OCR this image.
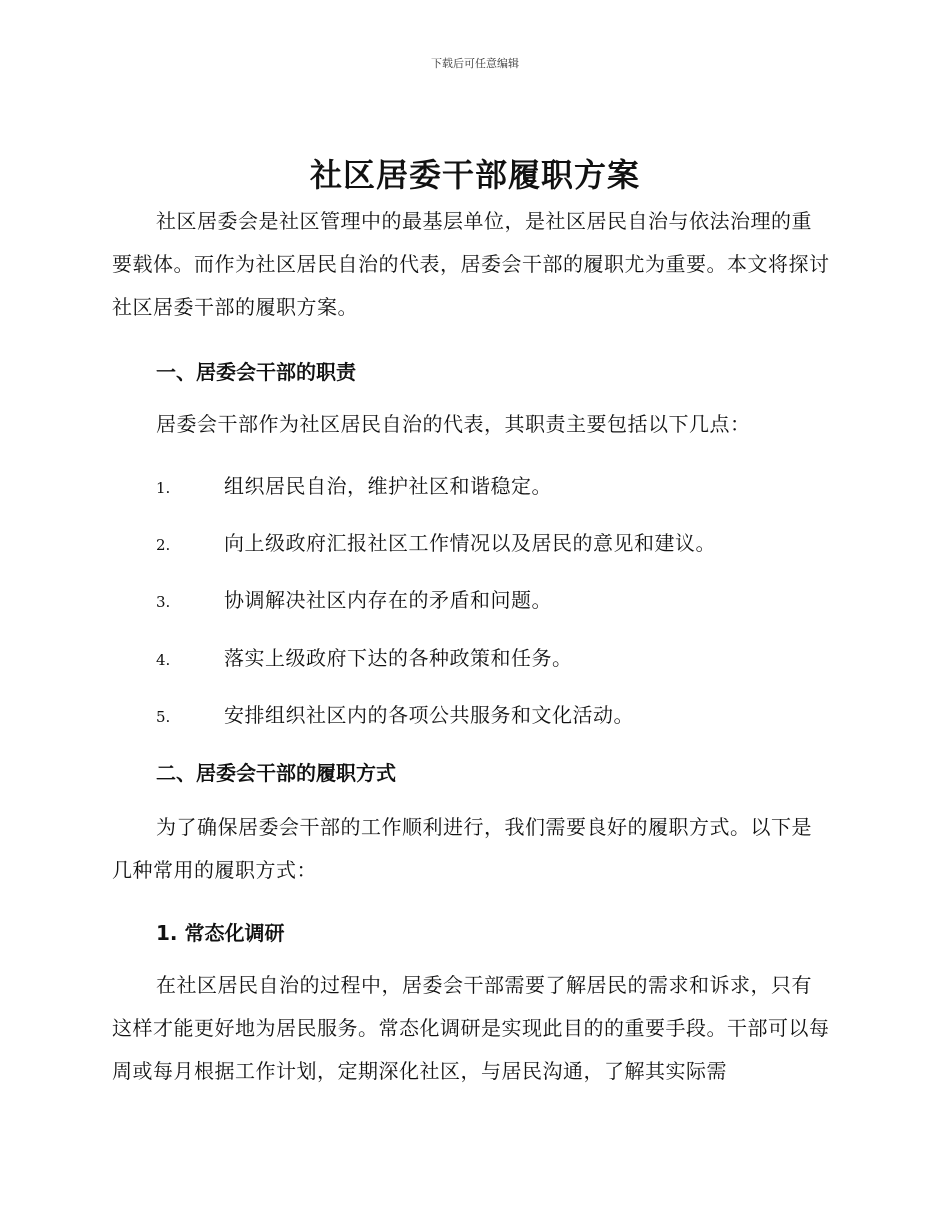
下载后可任意编辑
社区居委干部履职方案

社区居委会是社区管理中的最基层单位，是社区居民自治与依法治理的重要载体。而作为社区居民自治的代表，居委会干部的履职尤为重要。本文将探讨社区居委干部的履职方案。

一、居委会干部的职责

居委会干部作为社区居民自治的代表，其职责主要包括以下几点：

1.	组织居民自治，维护社区和谐稳定。
2.	向上级政府汇报社区工作情况以及居民的意见和建议。
3.	协调解决社区内存在的矛盾和问题。
4.	落实上级政府下达的各种政策和任务。
5.	安排组织社区内的各项公共服务和文化活动。

二、居委会干部的履职方式

为了确保居委会干部的工作顺利进行，我们需要良好的履职方式。以下是几种常用的履职方式：

1. 常态化调研

在社区居民自治的过程中，居委会干部需要了解居民的需求和诉求，只有这样才能更好地为居民服务。常态化调研是实现此目的的重要手段。干部可以每周或每月根据工作计划，定期深化社区，与居民沟通，了解其实际需
